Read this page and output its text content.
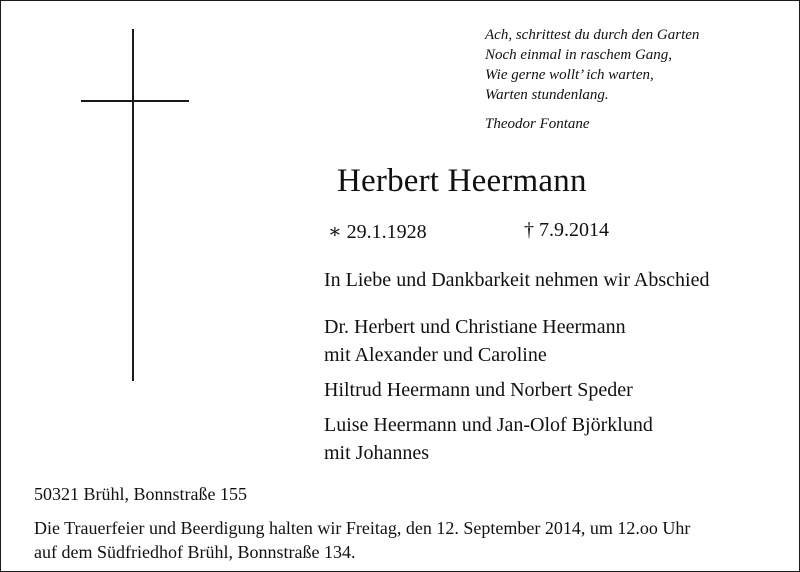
Ach, schrittest du durch den Garten
Noch einmal in raschem Gang,
Wie gerne wollt’ ich warten,
Warten stundenlang.
Theodor Fontane
Herbert Heermann
∗ 29.1.1928	† 7.9.2014
In Liebe und Dankbarkeit nehmen wir Abschied
Dr. Herbert und Christiane Heermann
mit Alexander und Caroline
Hiltrud Heermann und Norbert Speder
Luise Heermann und Jan-Olof Björklund
mit Johannes
50321 Brühl, Bonnstraße 155
Die Trauerfeier und Beerdigung halten wir Freitag, den 12. September 2014, um 12.oo Uhr
auf dem Südfriedhof Brühl, Bonnstraße 134.
